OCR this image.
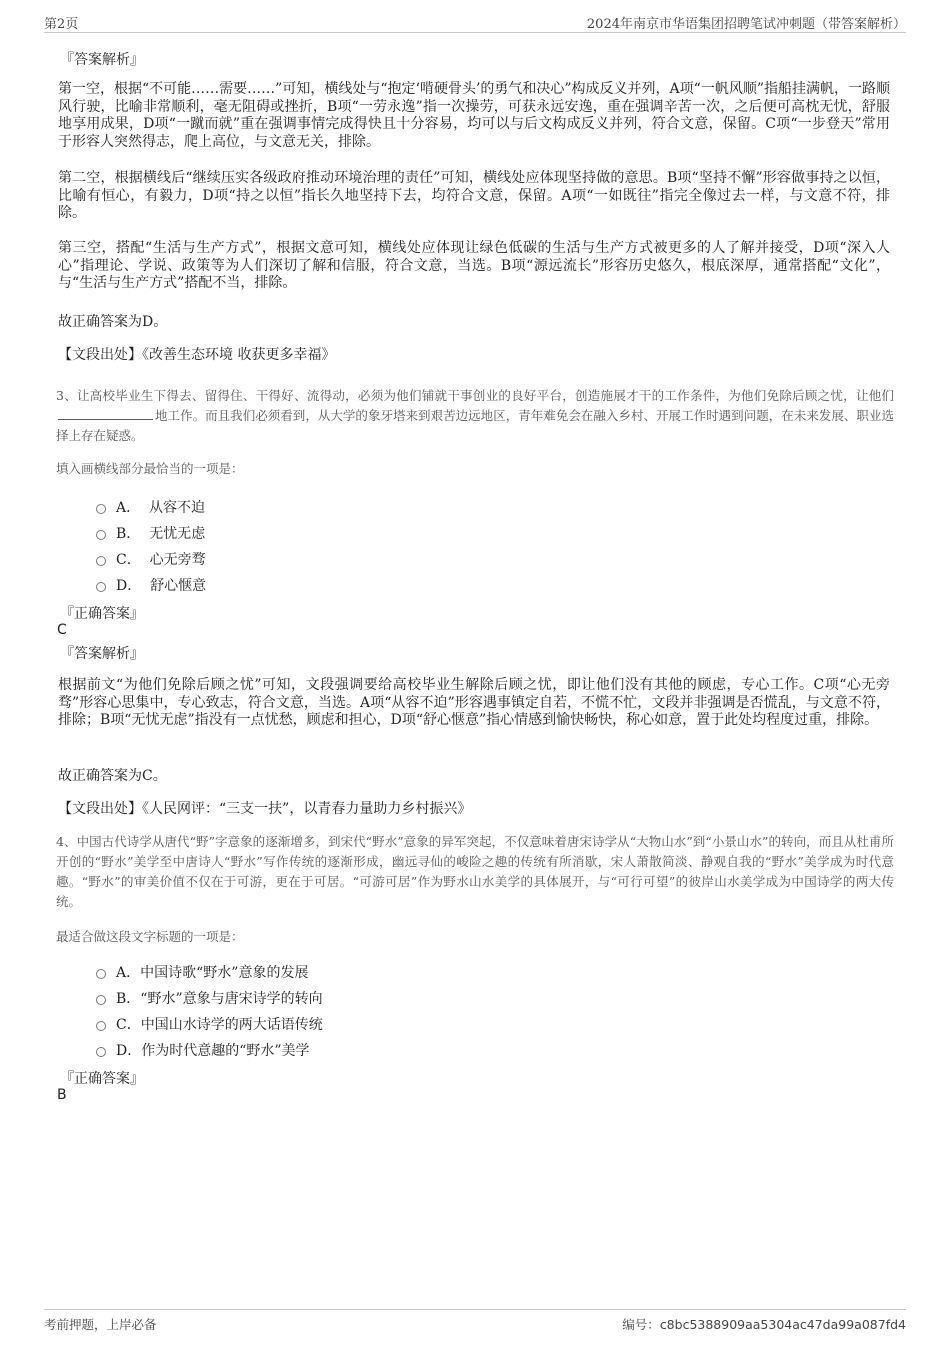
第2页	2024年南京市华语集团招聘笔试冲刺题（带答案解析）
『答案解析』
第一空，根据“不可能……需要……”可知，横线处与“抱定‘啃硬骨头’的勇气和决心”构成反义并列，A项“一帆风顺”指船挂满帆，一路顺风行驶，比喻非常顺利，毫无阻碍或挫折，B项“一劳永逸”指一次操劳，可获永远安逸，重在强调辛苦一次，之后便可高枕无忧，舒服地享用成果，D项“一蹴而就”重在强调事情完成得快且十分容易，均可以与后文构成反义并列，符合文意，保留。C项“一步登天”常用于形容人突然得志，爬上高位，与文意无关，排除。
第二空，根据横线后“继续压实各级政府推动环境治理的责任”可知，横线处应体现坚持做的意思。B项“坚持不懈”形容做事持之以恒，比喻有恒心，有毅力，D项“持之以恒”指长久地坚持下去，均符合文意，保留。A项“一如既往”指完全像过去一样，与文意不符，排除。
第三空，搭配“生活与生产方式”，根据文意可知，横线处应体现让绿色低碳的生活与生产方式被更多的人了解并接受，D项“深入人心”指理论、学说、政策等为人们深切了解和信服，符合文意，当选。B项“源远流长”形容历史悠久，根底深厚，通常搭配“文化”，与“生活与生产方式”搭配不当，排除。
故正确答案为D。
【文段出处】《改善生态环境 收获更多幸福》
3、让高校毕业生下得去、留得住、干得好、流得动，必须为他们铺就干事创业的良好平台，创造施展才干的工作条件，为他们免除后顾之忧，让他们地工作。而且我们必须看到，从大学的象牙塔来到艰苦边远地区，青年难免会在融入乡村、开展工作时遇到问题，在未来发展、职业选择上存在疑惑。
填入画横线部分最恰当的一项是：
A． 从容不迫
B． 无忧无虑
C． 心无旁骛
D． 舒心惬意
『正确答案』
C
『答案解析』
根据前文“为他们免除后顾之忧”可知，文段强调要给高校毕业生解除后顾之忧，即让他们没有其他的顾虑，专心工作。C项“心无旁骛”形容心思集中，专心致志，符合文意，当选。A项“从容不迫”形容遇事镇定自若，不慌不忙，文段并非强调是否慌乱，与文意不符，排除；B项“无忧无虑”指没有一点忧愁，顾虑和担心，D项“舒心惬意”指心情感到愉快畅快，称心如意，置于此处均程度过重，排除。
故正确答案为C。
【文段出处】《人民网评：“三支一扶”，以青春力量助力乡村振兴》
4、中国古代诗学从唐代“野”字意象的逐渐增多，到宋代“野水”意象的异军突起，不仅意味着唐宋诗学从“大物山水”到“小景山水”的转向，而且从杜甫所开创的“野水”美学至中唐诗人“野水”写作传统的逐渐形成，幽远寻仙的峻险之趣的传统有所消歇，宋人萧散简淡、静观自我的“野水”美学成为时代意趣。“野水”的审美价值不仅在于可游，更在于可居。“可游可居”作为野水山水美学的具体展开，与“可行可望”的彼岸山水美学成为中国诗学的两大传统。
最适合做这段文字标题的一项是：
A．中国诗歌“野水”意象的发展
B．“野水”意象与唐宋诗学的转向
C．中国山水诗学的两大话语传统
D．作为时代意趣的“野水”美学
『正确答案』
B
考前押题，上岸必备	编号：c8bc5388909aa5304ac47da99a087fd4
